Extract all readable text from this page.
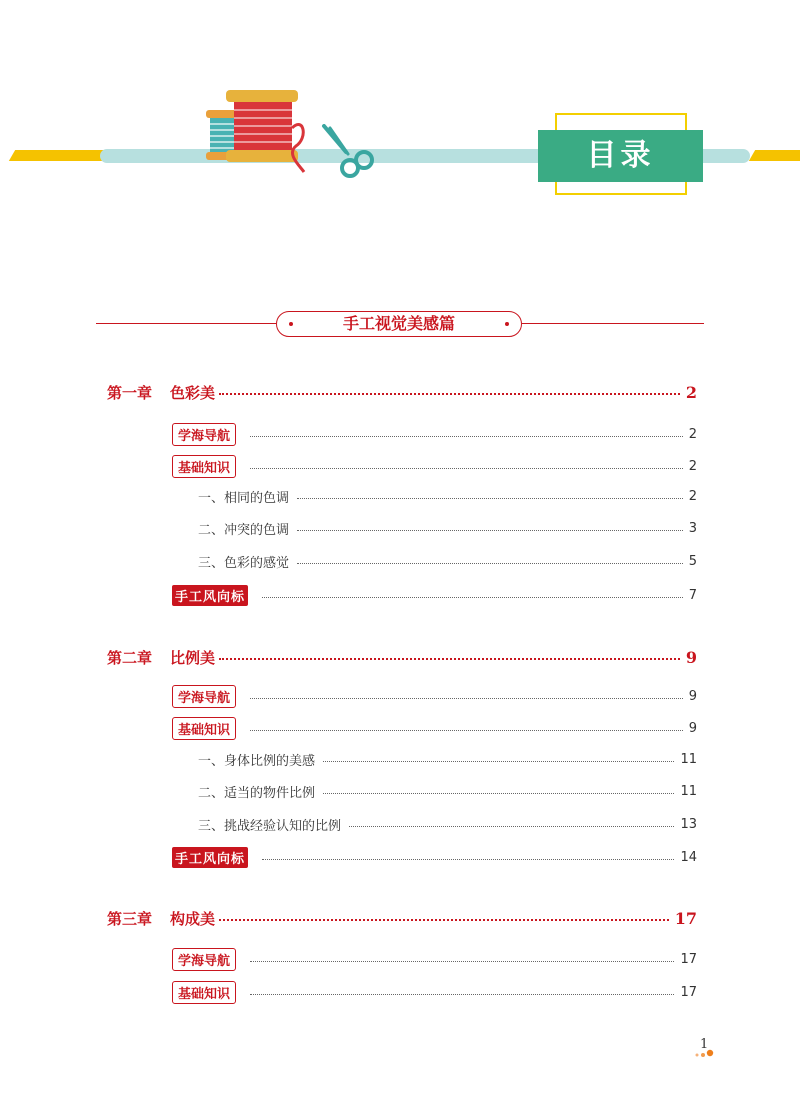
目录
手工视觉美感篇
第一章 色彩美	2
学海导航	2
基础知识	2
一、相同的色调	2
二、冲突的色调	3
三、色彩的感觉	5
手工风向标	7
第二章 比例美	9
学海导航	9
基础知识	9
一、身体比例的美感	11
二、适当的物件比例	11
三、挑战经验认知的比例	13
手工风向标	14
第三章 构成美	17
学海导航	17
基础知识	17
1
